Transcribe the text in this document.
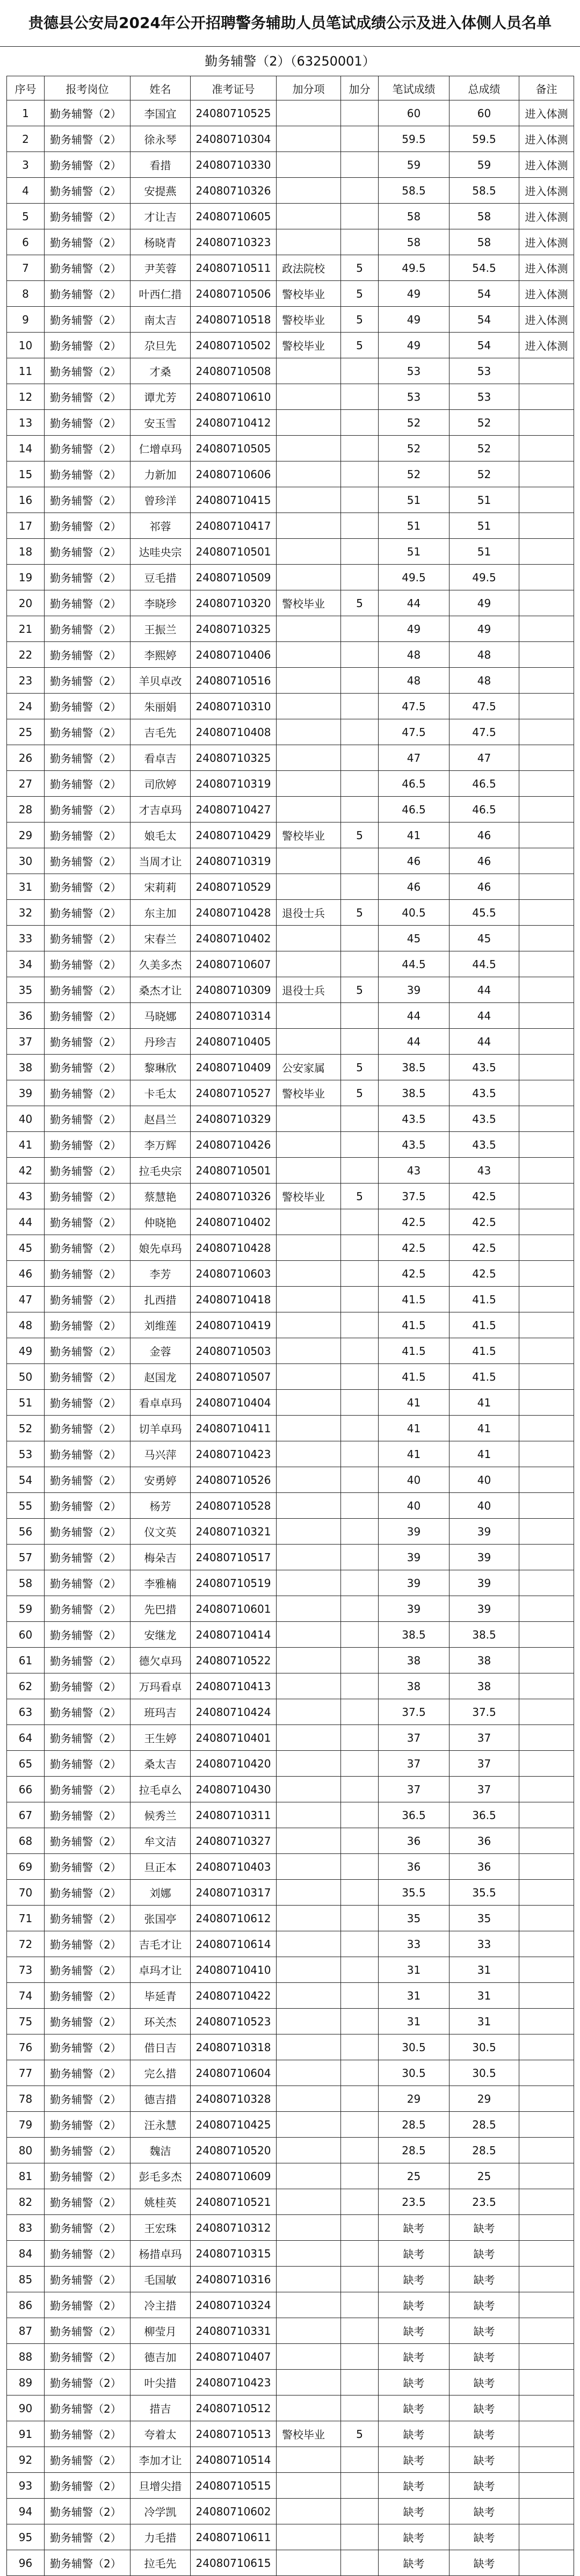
贵德县公安局2024年公开招聘警务辅助人员笔试成绩公示及进入体侧人员名单
勤务辅警（2）（63250001）
序号	报考岗位	姓名	准考证号	加分项	加分	笔试成绩	总成绩	备注
1	勤务辅警（2）	李国宜	24080710525			60	60	进入体测
2	勤务辅警（2）	徐永琴	24080710304			59.5	59.5	进入体测
3	勤务辅警（2）	看措	24080710330			59	59	进入体测
4	勤务辅警（2）	安提燕	24080710326			58.5	58.5	进入体测
5	勤务辅警（2）	才让吉	24080710605			58	58	进入体测
6	勤务辅警（2）	杨晓青	24080710323			58	58	进入体测
7	勤务辅警（2）	尹芙蓉	24080710511	政法院校	5	49.5	54.5	进入体测
8	勤务辅警（2）	叶西仁措	24080710506	警校毕业	5	49	54	进入体测
9	勤务辅警（2）	南太吉	24080710518	警校毕业	5	49	54	进入体测
10	勤务辅警（2）	尕旦先	24080710502	警校毕业	5	49	54	进入体测
11	勤务辅警（2）	才桑	24080710508			53	53	
12	勤务辅警（2）	谭尤芳	24080710610			53	53	
13	勤务辅警（2）	安玉雪	24080710412			52	52	
14	勤务辅警（2）	仁增卓玛	24080710505			52	52	
15	勤务辅警（2）	力新加	24080710606			52	52	
16	勤务辅警（2）	曾珍洋	24080710415			51	51	
17	勤务辅警（2）	祁蓉	24080710417			51	51	
18	勤务辅警（2）	达哇央宗	24080710501			51	51	
19	勤务辅警（2）	豆毛措	24080710509			49.5	49.5	
20	勤务辅警（2）	李晓珍	24080710320	警校毕业	5	44	49	
21	勤务辅警（2）	王振兰	24080710325			49	49	
22	勤务辅警（2）	李熙婷	24080710406			48	48	
23	勤务辅警（2）	羊贝卓改	24080710516			48	48	
24	勤务辅警（2）	朱丽娟	24080710310			47.5	47.5	
25	勤务辅警（2）	吉毛先	24080710408			47.5	47.5	
26	勤务辅警（2）	看卓吉	24080710325			47	47	
27	勤务辅警（2）	司欣婷	24080710319			46.5	46.5	
28	勤务辅警（2）	才吉卓玛	24080710427			46.5	46.5	
29	勤务辅警（2）	娘毛太	24080710429	警校毕业	5	41	46	
30	勤务辅警（2）	当周才让	24080710319			46	46	
31	勤务辅警（2）	宋莉莉	24080710529			46	46	
32	勤务辅警（2）	东主加	24080710428	退役士兵	5	40.5	45.5	
33	勤务辅警（2）	宋春兰	24080710402			45	45	
34	勤务辅警（2）	久美多杰	24080710607			44.5	44.5	
35	勤务辅警（2）	桑杰才让	24080710309	退役士兵	5	39	44	
36	勤务辅警（2）	马晓娜	24080710314			44	44	
37	勤务辅警（2）	丹珍吉	24080710405			44	44	
38	勤务辅警（2）	黎琳欣	24080710409	公安家属	5	38.5	43.5	
39	勤务辅警（2）	卡毛太	24080710527	警校毕业	5	38.5	43.5	
40	勤务辅警（2）	赵昌兰	24080710329			43.5	43.5	
41	勤务辅警（2）	李万辉	24080710426			43.5	43.5	
42	勤务辅警（2）	拉毛央宗	24080710501			43	43	
43	勤务辅警（2）	蔡慧艳	24080710326	警校毕业	5	37.5	42.5	
44	勤务辅警（2）	仲晓艳	24080710402			42.5	42.5	
45	勤务辅警（2）	娘先卓玛	24080710428			42.5	42.5	
46	勤务辅警（2）	李芳	24080710603			42.5	42.5	
47	勤务辅警（2）	扎西措	24080710418			41.5	41.5	
48	勤务辅警（2）	刘维莲	24080710419			41.5	41.5	
49	勤务辅警（2）	金蓉	24080710503			41.5	41.5	
50	勤务辅警（2）	赵国龙	24080710507			41.5	41.5	
51	勤务辅警（2）	看卓卓玛	24080710404			41	41	
52	勤务辅警（2）	切羊卓玛	24080710411			41	41	
53	勤务辅警（2）	马兴萍	24080710423			41	41	
54	勤务辅警（2）	安勇婷	24080710526			40	40	
55	勤务辅警（2）	杨芳	24080710528			40	40	
56	勤务辅警（2）	仪文英	24080710321			39	39	
57	勤务辅警（2）	梅朵吉	24080710517			39	39	
58	勤务辅警（2）	李雅楠	24080710519			39	39	
59	勤务辅警（2）	先巴措	24080710601			39	39	
60	勤务辅警（2）	安继龙	24080710414			38.5	38.5	
61	勤务辅警（2）	德欠卓玛	24080710522			38	38	
62	勤务辅警（2）	万玛看卓	24080710413			38	38	
63	勤务辅警（2）	班玛吉	24080710424			37.5	37.5	
64	勤务辅警（2）	王生婷	24080710401			37	37	
65	勤务辅警（2）	桑太吉	24080710420			37	37	
66	勤务辅警（2）	拉毛卓么	24080710430			37	37	
67	勤务辅警（2）	候秀兰	24080710311			36.5	36.5	
68	勤务辅警（2）	牟文洁	24080710327			36	36	
69	勤务辅警（2）	旦正本	24080710403			36	36	
70	勤务辅警（2）	刘娜	24080710317			35.5	35.5	
71	勤务辅警（2）	张国亭	24080710612			35	35	
72	勤务辅警（2）	吉毛才让	24080710614			33	33	
73	勤务辅警（2）	卓玛才让	24080710410			31	31	
74	勤务辅警（2）	毕延青	24080710422			31	31	
75	勤务辅警（2）	环关杰	24080710523			31	31	
76	勤务辅警（2）	借日吉	24080710318			30.5	30.5	
77	勤务辅警（2）	完么措	24080710604			30.5	30.5	
78	勤务辅警（2）	德吉措	24080710328			29	29	
79	勤务辅警（2）	汪永慧	24080710425			28.5	28.5	
80	勤务辅警（2）	魏洁	24080710520			28.5	28.5	
81	勤务辅警（2）	彭毛多杰	24080710609			25	25	
82	勤务辅警（2）	姚桂英	24080710521			23.5	23.5	
83	勤务辅警（2）	王宏珠	24080710312			缺考	缺考	
84	勤务辅警（2）	杨措卓玛	24080710315			缺考	缺考	
85	勤务辅警（2）	毛国敏	24080710316			缺考	缺考	
86	勤务辅警（2）	冷主措	24080710324			缺考	缺考	
87	勤务辅警（2）	柳莹月	24080710331			缺考	缺考	
88	勤务辅警（2）	德吉加	24080710407			缺考	缺考	
89	勤务辅警（2）	叶尖措	24080710423			缺考	缺考	
90	勤务辅警（2）	措吉	24080710512			缺考	缺考	
91	勤务辅警（2）	夸着太	24080710513	警校毕业	5	缺考	缺考	
92	勤务辅警（2）	李加才让	24080710514			缺考	缺考	
93	勤务辅警（2）	旦增尖措	24080710515			缺考	缺考	
94	勤务辅警（2）	冷学凯	24080710602			缺考	缺考	
95	勤务辅警（2）	力毛措	24080710611			缺考	缺考	
96	勤务辅警（2）	拉毛先	24080710615			缺考	缺考	
